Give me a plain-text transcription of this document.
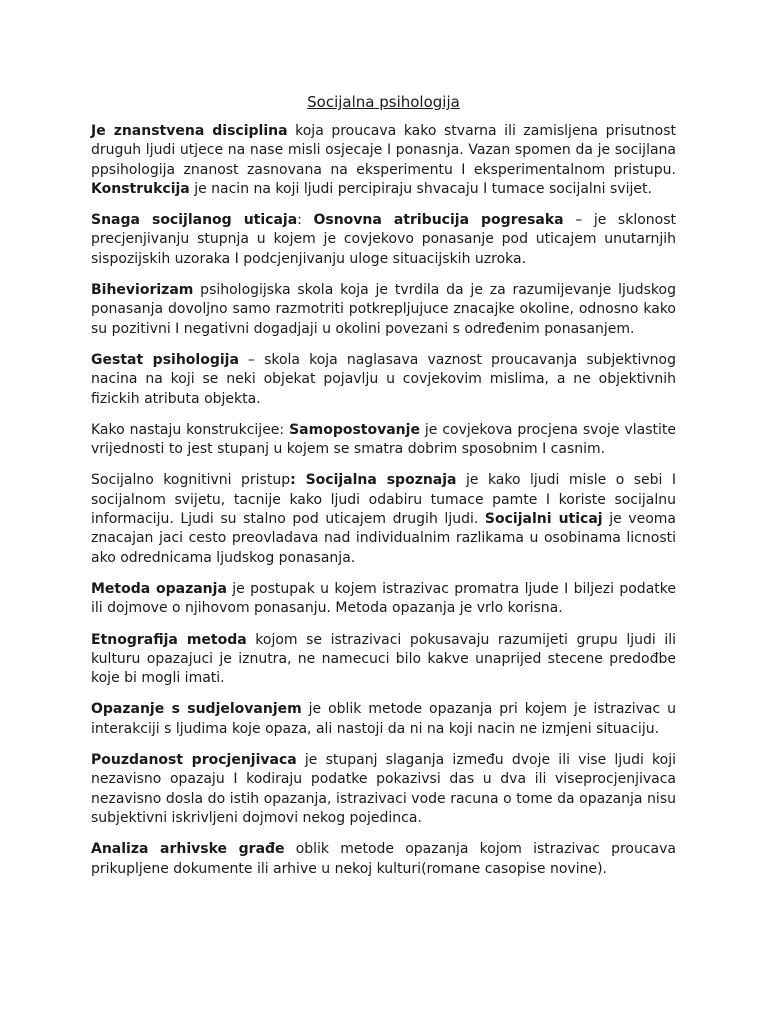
Socijalna psihologija

Je znanstvena disciplina koja proucava kako stvarna ili zamisljena prisutnost druguh ljudi utjece na nase misli osjecaje I ponasnja. Vazan spomen da je socijlana ppsihologija znanost zasnovana na eksperimentu I eksperimentalnom pristupu. Konstrukcija je nacin na koji ljudi percipiraju shvacaju I tumace socijalni svijet.

Snaga socijlanog uticaja: Osnovna atribucija pogresaka – je sklonost precjenjivanju stupnja u kojem je covjekovo ponasanje pod uticajem unutarnjih sispozijskih uzoraka I podcjenjivanju uloge situacijskih uzroka.

Biheviorizam psihologijska skola koja je tvrdila da je za razumijevanje ljudskog ponasanja dovoljno samo razmotriti potkrepljujuce znacajke okoline, odnosno kako su pozitivni I negativni dogadjaji u okolini povezani s određenim ponasanjem.

Gestat psihologija – skola koja naglasava vaznost proucavanja subjektivnog nacina na koji se neki objekat pojavlju u covjekovim mislima, a ne objektivnih fizickih atributa objekta.

Kako nastaju konstrukcijee: Samopostovanje je covjekova procjena svoje vlastite vrijednosti to jest stupanj u kojem se smatra dobrim sposobnim I casnim.

Socijalno kognitivni pristup: Socijalna spoznaja je kako ljudi misle o sebi I socijalnom svijetu, tacnije kako ljudi odabiru tumace pamte I koriste socijalnu informaciju. Ljudi su stalno pod uticajem drugih ljudi. Socijalni uticaj je veoma znacajan jaci cesto preovladava nad individualnim razlikama u osobinama licnosti ako odrednicama ljudskog ponasanja.

Metoda opazanja je postupak u kojem istrazivac promatra ljude I biljezi podatke ili dojmove o njihovom ponasanju. Metoda opazanja je vrlo korisna.

Etnografija metoda kojom se istrazivaci pokusavaju razumijeti grupu ljudi ili kulturu opazajuci je iznutra, ne namecuci bilo kakve unaprijed stecene predođbe koje bi mogli imati.

Opazanje s sudjelovanjem je oblik metode opazanja pri kojem je istrazivac u interakciji s ljudima koje opaza, ali nastoji da ni na koji nacin ne izmjeni situaciju.

Pouzdanost procjenjivaca je stupanj slaganja između dvoje ili vise ljudi koji nezavisno opazaju I kodiraju podatke pokazivsi das u dva ili viseprocjenjivaca nezavisno dosla do istih opazanja, istrazivaci vode racuna o tome da opazanja nisu subjektivni iskrivljeni dojmovi nekog pojedinca.

Analiza arhivske građe oblik metode opazanja kojom istrazivac proucava prikupljene dokumente ili arhive u nekoj kulturi(romane casopise novine).
